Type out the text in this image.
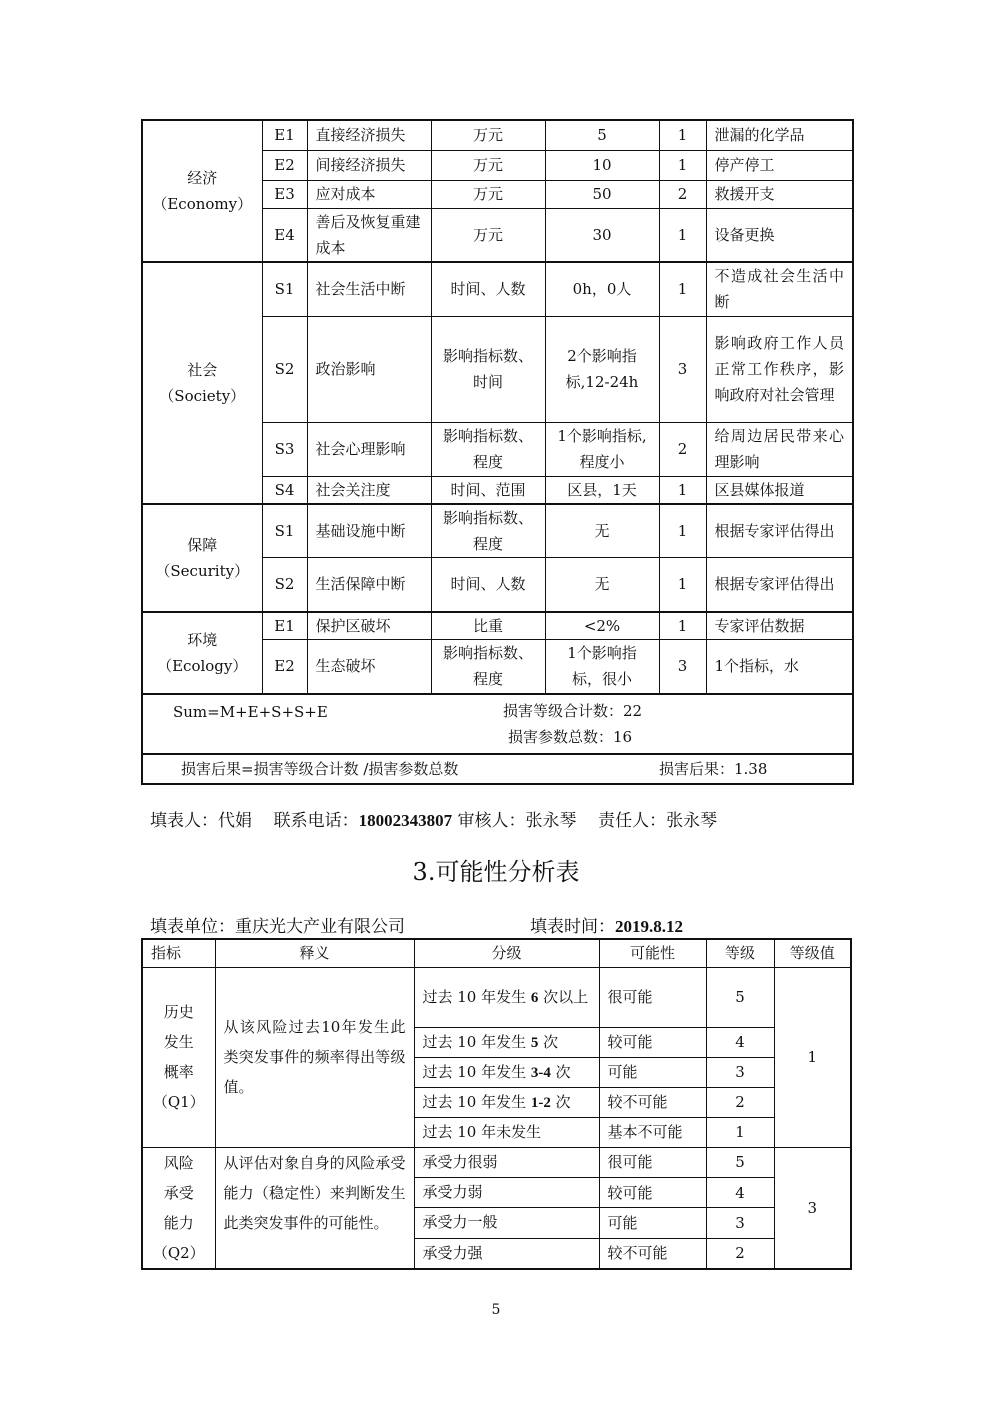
经济
（Economy）	E1	直接经济损失	万元	5	1	泄漏的化学品
	E2	间接经济损失	万元	10	1	停产停工
	E3	应对成本	万元	50	2	救援开支
	E4	善后及恢复重建成本	万元	30	1	设备更换

社会
（Society）	S1	社会生活中断	时间、人数	0h，0人	1	不造成社会生活中断
	S2	政治影响	影响指标数、时间	2个影响指标,12-24h	3	影响政府工作人员正常工作秩序，影响政府对社会管理
	S3	社会心理影响	影响指标数、程度	1个影响指标,程度小	2	给周边居民带来心理影响
	S4	社会关注度	时间、范围	区县，1天	1	区县媒体报道

保障
（Security）	S1	基础设施中断	影响指标数、程度	无	1	根据专家评估得出
	S2	生活保障中断	时间、人数	无	1	根据专家评估得出

环境
（Ecology）	E1	保护区破坏	比重	<2%	1	专家评估数据
	E2	生态破坏	影响指标数、程度	1个影响指标，很小	3	1个指标，水
Sum=M+E+S+S+E				损害等级合计数：22
损害参数总数：16		

损害后果=损害等级合计数 /损害参数总数					损害后果：1.38	
填表人：代娟 联系电话：18002343807 审核人：张永琴 责任人：张永琴
3.可能性分析表
填表单位：重庆光大产业有限公司	填表时间：2019.8.12
指标	释义	分级	可能性	等级	等级值

历史
发生
概率
（Q1）	从该风险过去10年发生此类突发事件的频率得出等级值。	过去 10 年发生 6 次以上	很可能	5	1
		过去 10 年发生 5 次	较可能	4	
		过去 10 年发生 3-4 次	可能	3	
		过去 10 年发生 1-2 次	较不可能	2	
		过去 10 年未发生	基本不可能	1	

风险
承受
能力
（Q2）	从评估对象自身的风险承受能力（稳定性）来判断发生此类突发事件的可能性。	承受力很弱	很可能	5	3
		承受力弱	较可能	4	
		承受力一般	可能	3	
		承受力强	较不可能	2	
5
